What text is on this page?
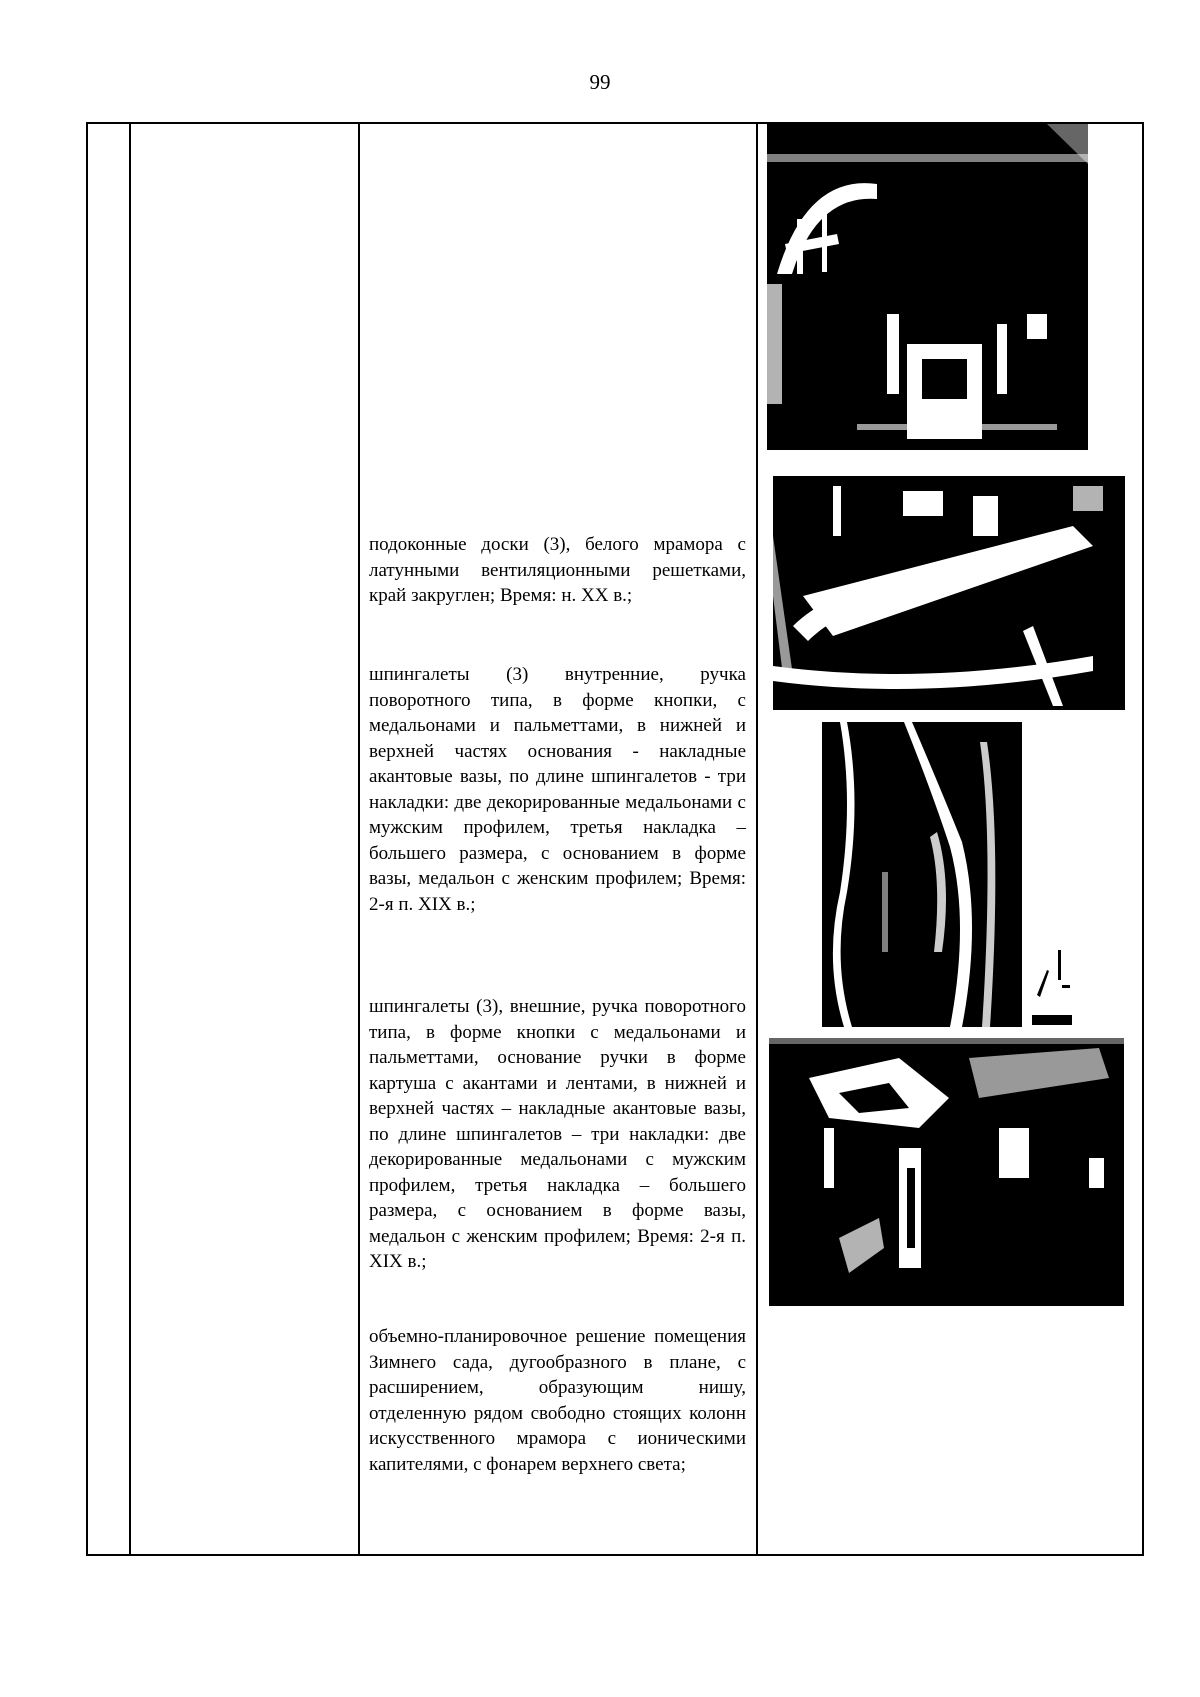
99

подоконные доски (3), белого мрамора с латунными вентиляционными решетками, край закруглен; Время: н. XX в.;

шпингалеты (3) внутренние, ручка поворотного типа, в форме кнопки, с медальонами и пальметтами, в нижней и верхней частях основания - накладные акантовые вазы, по длине шпингалетов - три накладки: две декорированные медальонами с мужским профилем, третья накладка – большего размера, с основанием в форме вазы, медальон с женским профилем; Время: 2-я п. XIX в.;

шпингалеты (3), внешние, ручка поворотного типа, в форме кнопки с медальонами и пальметтами, основание ручки в форме картуша с акантами и лентами, в нижней и верхней частях – накладные акантовые вазы, по длине шпингалетов – три накладки: две декорированные медальонами с мужским профилем, третья накладка – большего размера, с основанием в форме вазы, медальон с женским профилем; Время: 2-я п. XIX в.;

объемно-планировочное решение помещения Зимнего сада, дугообразного в плане, с расширением, образующим нишу, отделенную рядом свободно стоящих колонн искусственного мрамора с ионическими капителями, с фонарем верхнего света;
